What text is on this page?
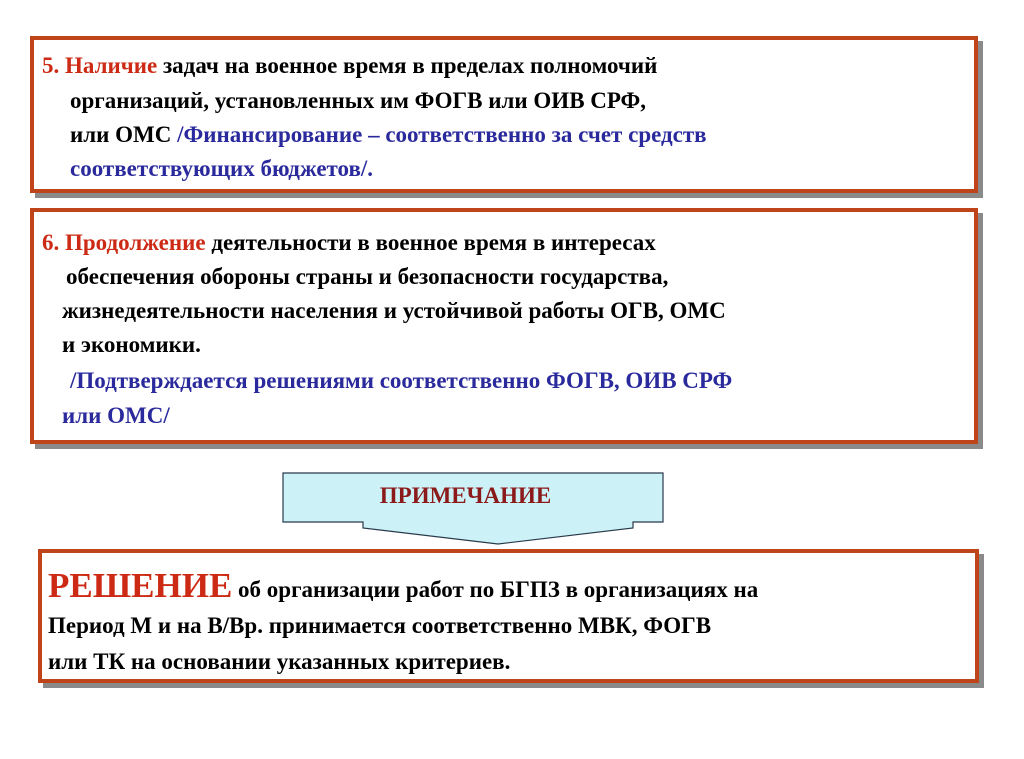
5. Наличие задач на военное время в пределах полномочий
организаций, установленных им ФОГВ или ОИВ СРФ,
или ОМС /Финансирование – соответственно за счет средств
соответствующих бюджетов/.
6. Продолжение деятельности в военное время в интересах
обеспечения обороны страны и безопасности государства,
жизнедеятельности населения и устойчивой работы ОГВ, ОМС
и экономики.
/Подтверждается решениями соответственно ФОГВ, ОИВ СРФ
или ОМС/
ПРИМЕЧАНИЕ
РЕШЕНИЕ об организации работ по БГПЗ в организациях на
Период М и на В/Вр. принимается соответственно МВК, ФОГВ
или ТК на основании указанных критериев.
